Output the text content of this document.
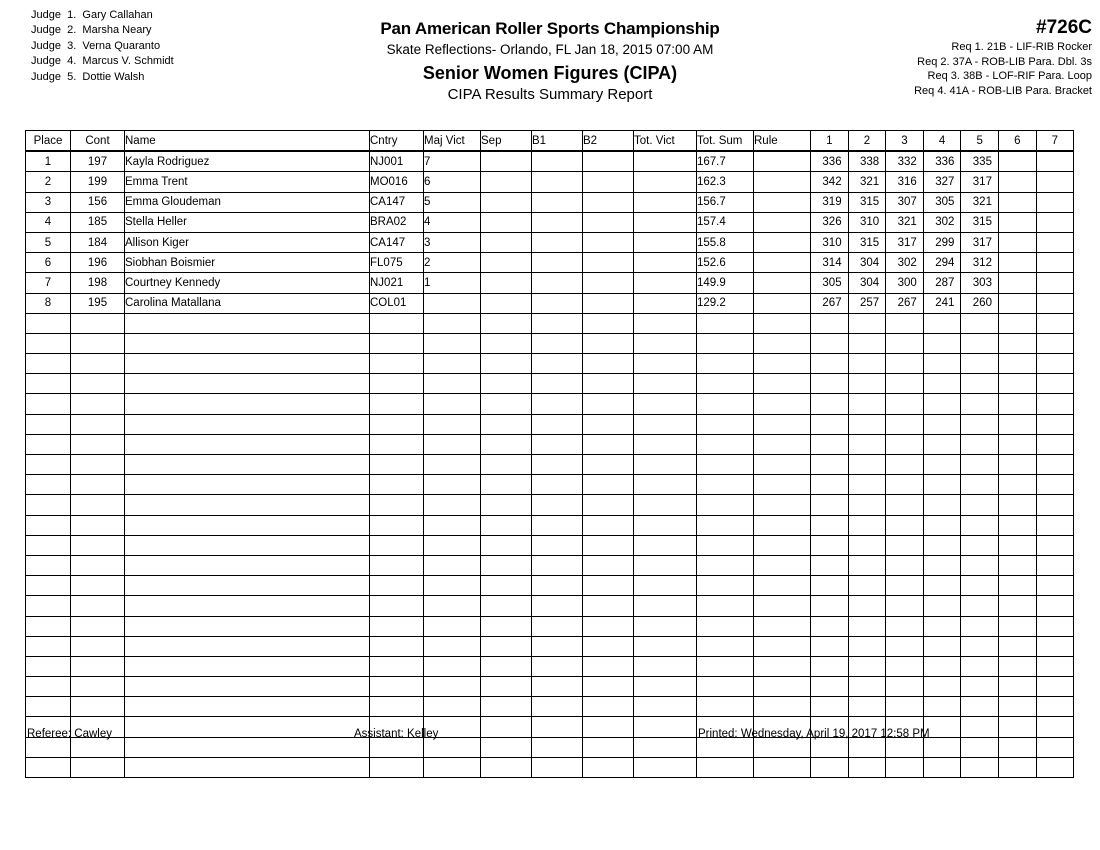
Judge 1. Gary Callahan
Judge 2. Marsha Neary
Judge 3. Verna Quaranto
Judge 4. Marcus V. Schmidt
Judge 5. Dottie Walsh
Pan American Roller Sports Championship
Skate Reflections- Orlando, FL Jan 18, 2015 07:00 AM
Senior Women Figures (CIPA)
CIPA Results Summary Report
#726C
Req 1. 21B - LIF-RIB Rocker
Req 2. 37A - ROB-LIB Para. Dbl. 3s
Req 3. 38B - LOF-RIF Para. Loop
Req 4. 41A - ROB-LIB Para. Bracket
Place	Cont	Name	Cntry	Maj Vict	Sep	B1	B2	Tot. Vict	Tot. Sum	Rule	1	2	3	4	5	6	7
1	197	Kayla Rodriguez	NJ001	7					167.7		336	338	332	336	335		
2	199	Emma Trent	MO016	6					162.3		342	321	316	327	317		
3	156	Emma Gloudeman	CA147	5					156.7		319	315	307	305	321		
4	185	Stella Heller	BRA02	4					157.4		326	310	321	302	315		
5	184	Allison Kiger	CA147	3					155.8		310	315	317	299	317		
6	196	Siobhan Boismier	FL075	2					152.6		314	304	302	294	312		
7	198	Courtney Kennedy	NJ021	1					149.9		305	304	300	287	303		
8	195	Carolina Matallana	COL01						129.2		267	257	267	241	260		

Referee: Cawley	Assistant: Kelley	Printed: Wednesday, April 19, 2017 12:58 PM
